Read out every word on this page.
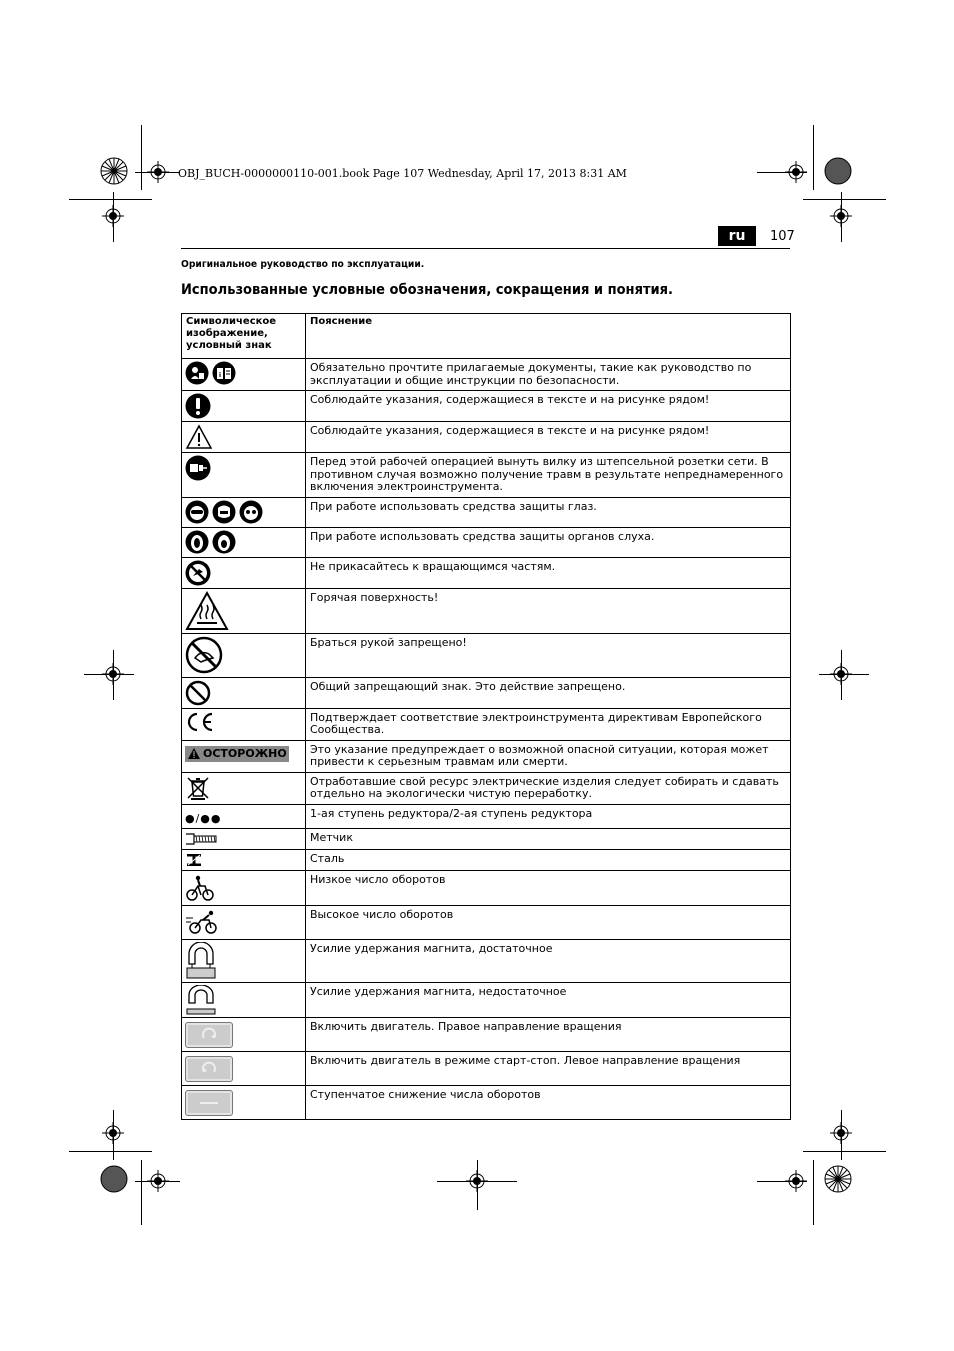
OBJ_BUCH-0000000110-001.book Page 107 Wednesday, April 17, 2013 8:31 AM
ru	107
Оригинальное руководство по эксплуатации.
Использованные условные обозначения, сокращения и понятия.
Символическое изображение, условный знак	Пояснение

i	Обязательно прочтите прилагаемые документы, такие как руководство по эксплуатации и общие инструкции по безопасности.

	Соблюдайте указания, содержащиеся в тексте и на рисунке рядом!

	Соблюдайте указания, содержащиеся в тексте и на рисунке рядом!

	Перед этой рабочей операцией вынуть вилку из штепсельной розетки сети. В противном случая возможно получение травм в результате непреднамеренного включения электроинструмента.

	При работе использовать средства защиты глаз.

	При работе использовать средства защиты органов слуха.

	Не прикасайтесь к вращающимся частям.

	Горячая поверхность!

	Браться рукой запрещено!

	Общий запрещающий знак. Это действие запрещено.

	Подтверждает соответствие электроинструмента директивам Европейского Сообщества.

ОСТОРОЖНО	Это указание предупреждает о возможной опасной ситуации, которая может привести к серьезным травмам или смерти.

	Отработавшие свой ресурс электрические изделия следует собирать и сдавать отдельно на экологически чистую переработку.
●/●●	1-ая ступень редуктора/2-ая ступень редуктора

	Метчик

	Сталь

	Низкое число оборотов

	Высокое число оборотов

	Усилие удержания магнита, достаточное

	Усилие удержания магнита, недостаточное

	Включить двигатель. Правое направление вращения

	Включить двигатель в режиме старт-стоп. Левое направление вращения

	Ступенчатое снижение числа оборотов
